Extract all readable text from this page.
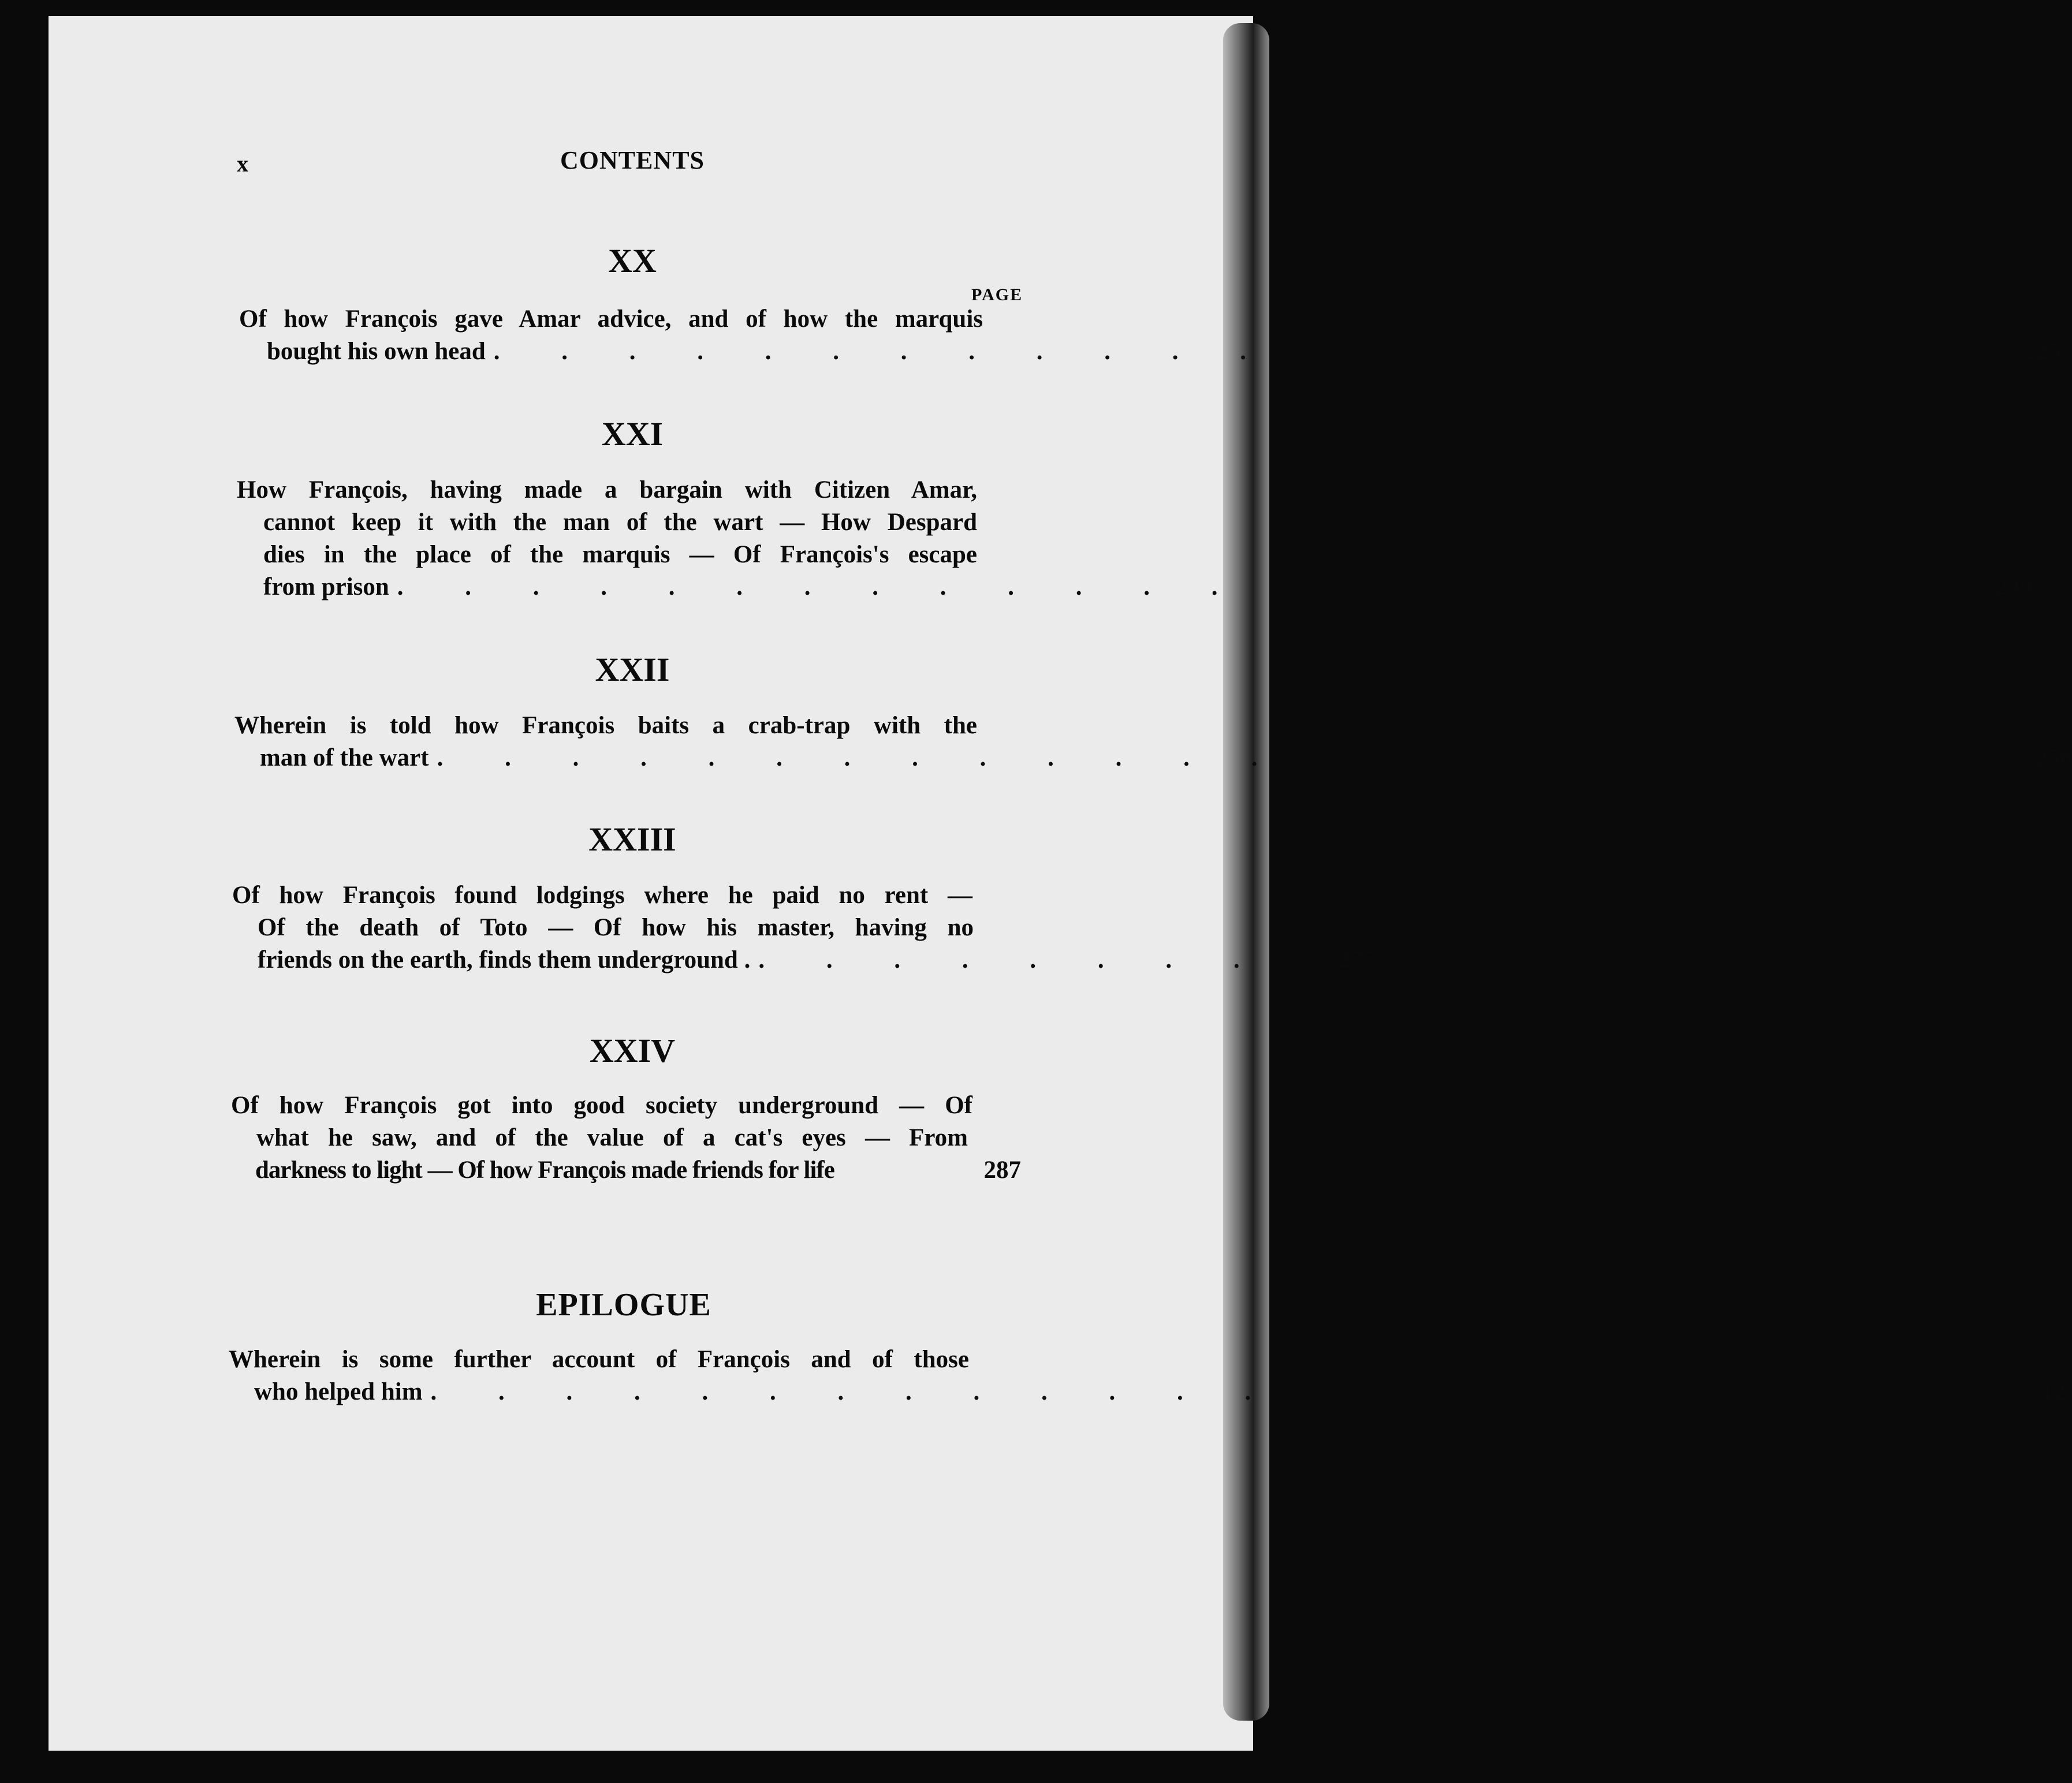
x	CONTENTS
PAGE
XX
Of how François gave Amar advice, and of how the marquis
bought his own head . . . . . . . . . . . . . . . . . . . . . . . 225
XXI
How François, having made a bargain with Citizen Amar,
cannot keep it with the man of the wart — How Despard
dies in the place of the marquis — Of François's escape
from prison . . . . . . . . . . . . . . . . . . . . . . . . 240
XXII
Wherein is told how François baits a crab-trap with the
man of the wart . . . . . . . . . . . . . . . . . . . . . . . . 258
XXIII
Of how François found lodgings where he paid no rent —
Of the death of Toto — Of how his master, having no
friends on the earth, finds them underground . . . . . . . . . . 277
XXIV
Of how François got into good society underground — Of
what he saw, and of the value of a cat's eyes — From
darkness to light — Of how François made friends for life	287
EPILOGUE
Wherein is some further account of François and of those
who helped him . . . . . . . . . . . . . . . . . . . . . . . . 312
